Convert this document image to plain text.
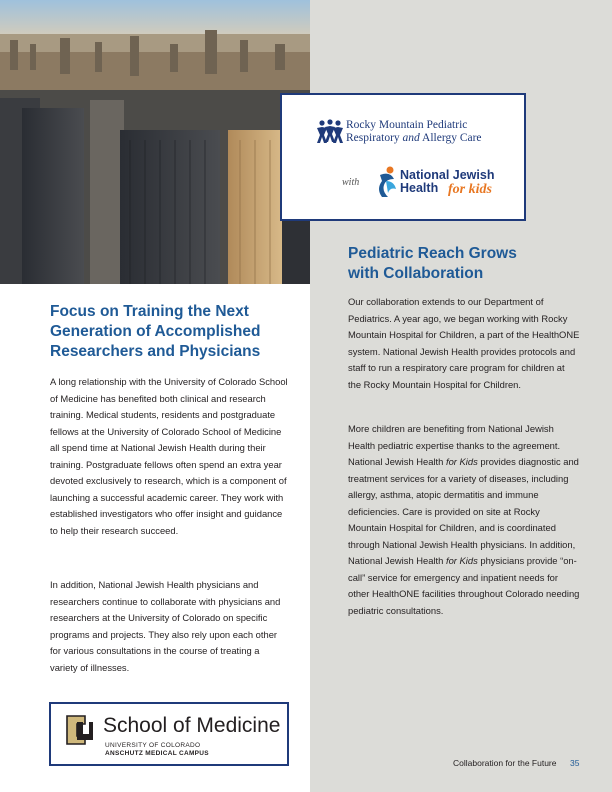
Rocky Mountain Pediatric
Respiratory and Allergy Care
with
National Jewish
Health for kids
Pediatric Reach Grows
with Collaboration

Our collaboration extends to our Department of Pediatrics. A year ago, we began working with Rocky Mountain Hospital for Children, a part of the HealthONE system. National Jewish Health provides protocols and staff to run a respiratory care program for children at the Rocky Mountain Hospital for Children.

More children are benefiting from National Jewish Health pediatric expertise thanks to the agreement. National Jewish Health for Kids provides diagnostic and treatment services for a variety of diseases, including allergy, asthma, atopic dermatitis and immune deficiencies. Care is provided on site at Rocky Mountain Hospital for Children, and is coordinated through National Jewish Health physicians. In addition, National Jewish Health for Kids physicians provide “on-call” service for emergency and inpatient needs for other HealthONE facilities throughout Colorado needing pediatric consultations.

Focus on Training the Next
Generation of Accomplished
Researchers and Physicians

A long relationship with the University of Colorado School of Medicine has benefited both clinical and research training. Medical students, residents and postgraduate fellows at the University of Colorado School of Medicine all spend time at National Jewish Health during their training. Postgraduate fellows often spend an extra year devoted exclusively to research, which is a component of launching a successful academic career. They work with established investigators who offer insight and guidance to help their research succeed.

In addition, National Jewish Health physicians and researchers continue to collaborate with physicians and researchers at the University of Colorado on specific programs and projects. They also rely upon each other for various consultations in the course of treating a variety of illnesses.

School of Medicine
UNIVERSITY OF COLORADO
ANSCHUTZ MEDICAL CAMPUS
Collaboration for the Future 35
